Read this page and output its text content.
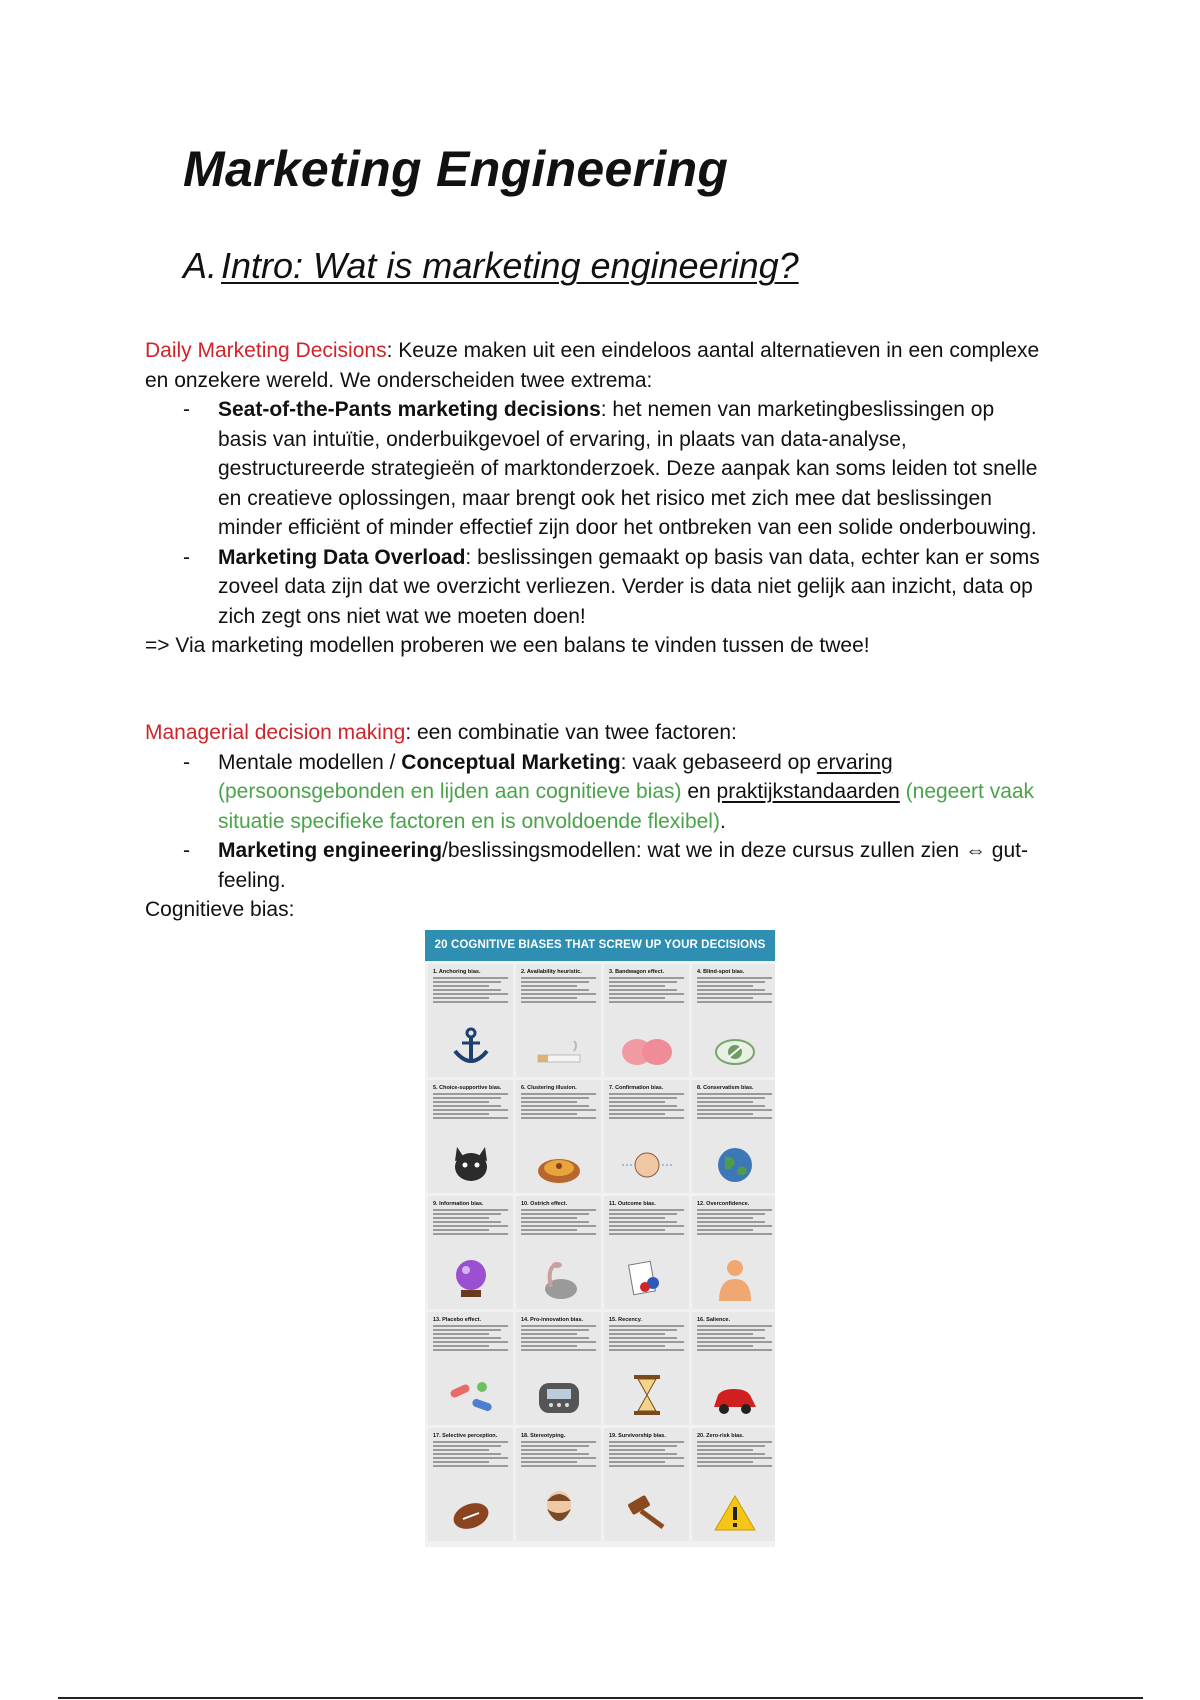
Marketing Engineering
A. Intro: Wat is marketing engineering?

Daily Marketing Decisions: Keuze maken uit een eindeloos aantal alternatieven in een complexe en onzekere wereld. We onderscheiden twee extrema:

- Seat-of-the-Pants marketing decisions: het nemen van marketingbeslissingen op basis van intuïtie, onderbuikgevoel of ervaring, in plaats van data-analyse, gestructureerde strategieën of marktonderzoek. Deze aanpak kan soms leiden tot snelle en creatieve oplossingen, maar brengt ook het risico met zich mee dat beslissingen minder efficiënt of minder effectief zijn door het ontbreken van een solide onderbouwing.
- Marketing Data Overload: beslissingen gemaakt op basis van data, echter kan er soms zoveel data zijn dat we overzicht verliezen. Verder is data niet gelijk aan inzicht, data op zich zegt ons niet wat we moeten doen!

=> Via marketing modellen proberen we een balans te vinden tussen de twee!

Managerial decision making: een combinatie van twee factoren:

- Mentale modellen / Conceptual Marketing: vaak gebaseerd op ervaring (persoonsgebonden en lijden aan cognitieve bias) en praktijkstandaarden (negeert vaak situatie specifieke factoren en is onvoldoende flexibel).
- Marketing engineering/beslissingsmodellen: wat we in deze cursus zullen zien ⇔ gut-feeling.

Cognitieve bias:

20 COGNITIVE BIASES THAT SCREW UP YOUR DECISIONS
1. Anchoring bias.	2. Availability heuristic.	3. Bandwagon effect.	4. Blind-spot bias.
5. Choice-supportive bias.	6. Clustering illusion.	7. Confirmation bias.	8. Conservatism bias.
9. Information bias.	10. Ostrich effect.	11. Outcome bias.	12. Overconfidence.
13. Placebo effect.	14. Pro-innovation bias.	15. Recency.	16. Salience.
17. Selective perception.	18. Stereotyping.	19. Survivorship bias.	20. Zero-risk bias.
